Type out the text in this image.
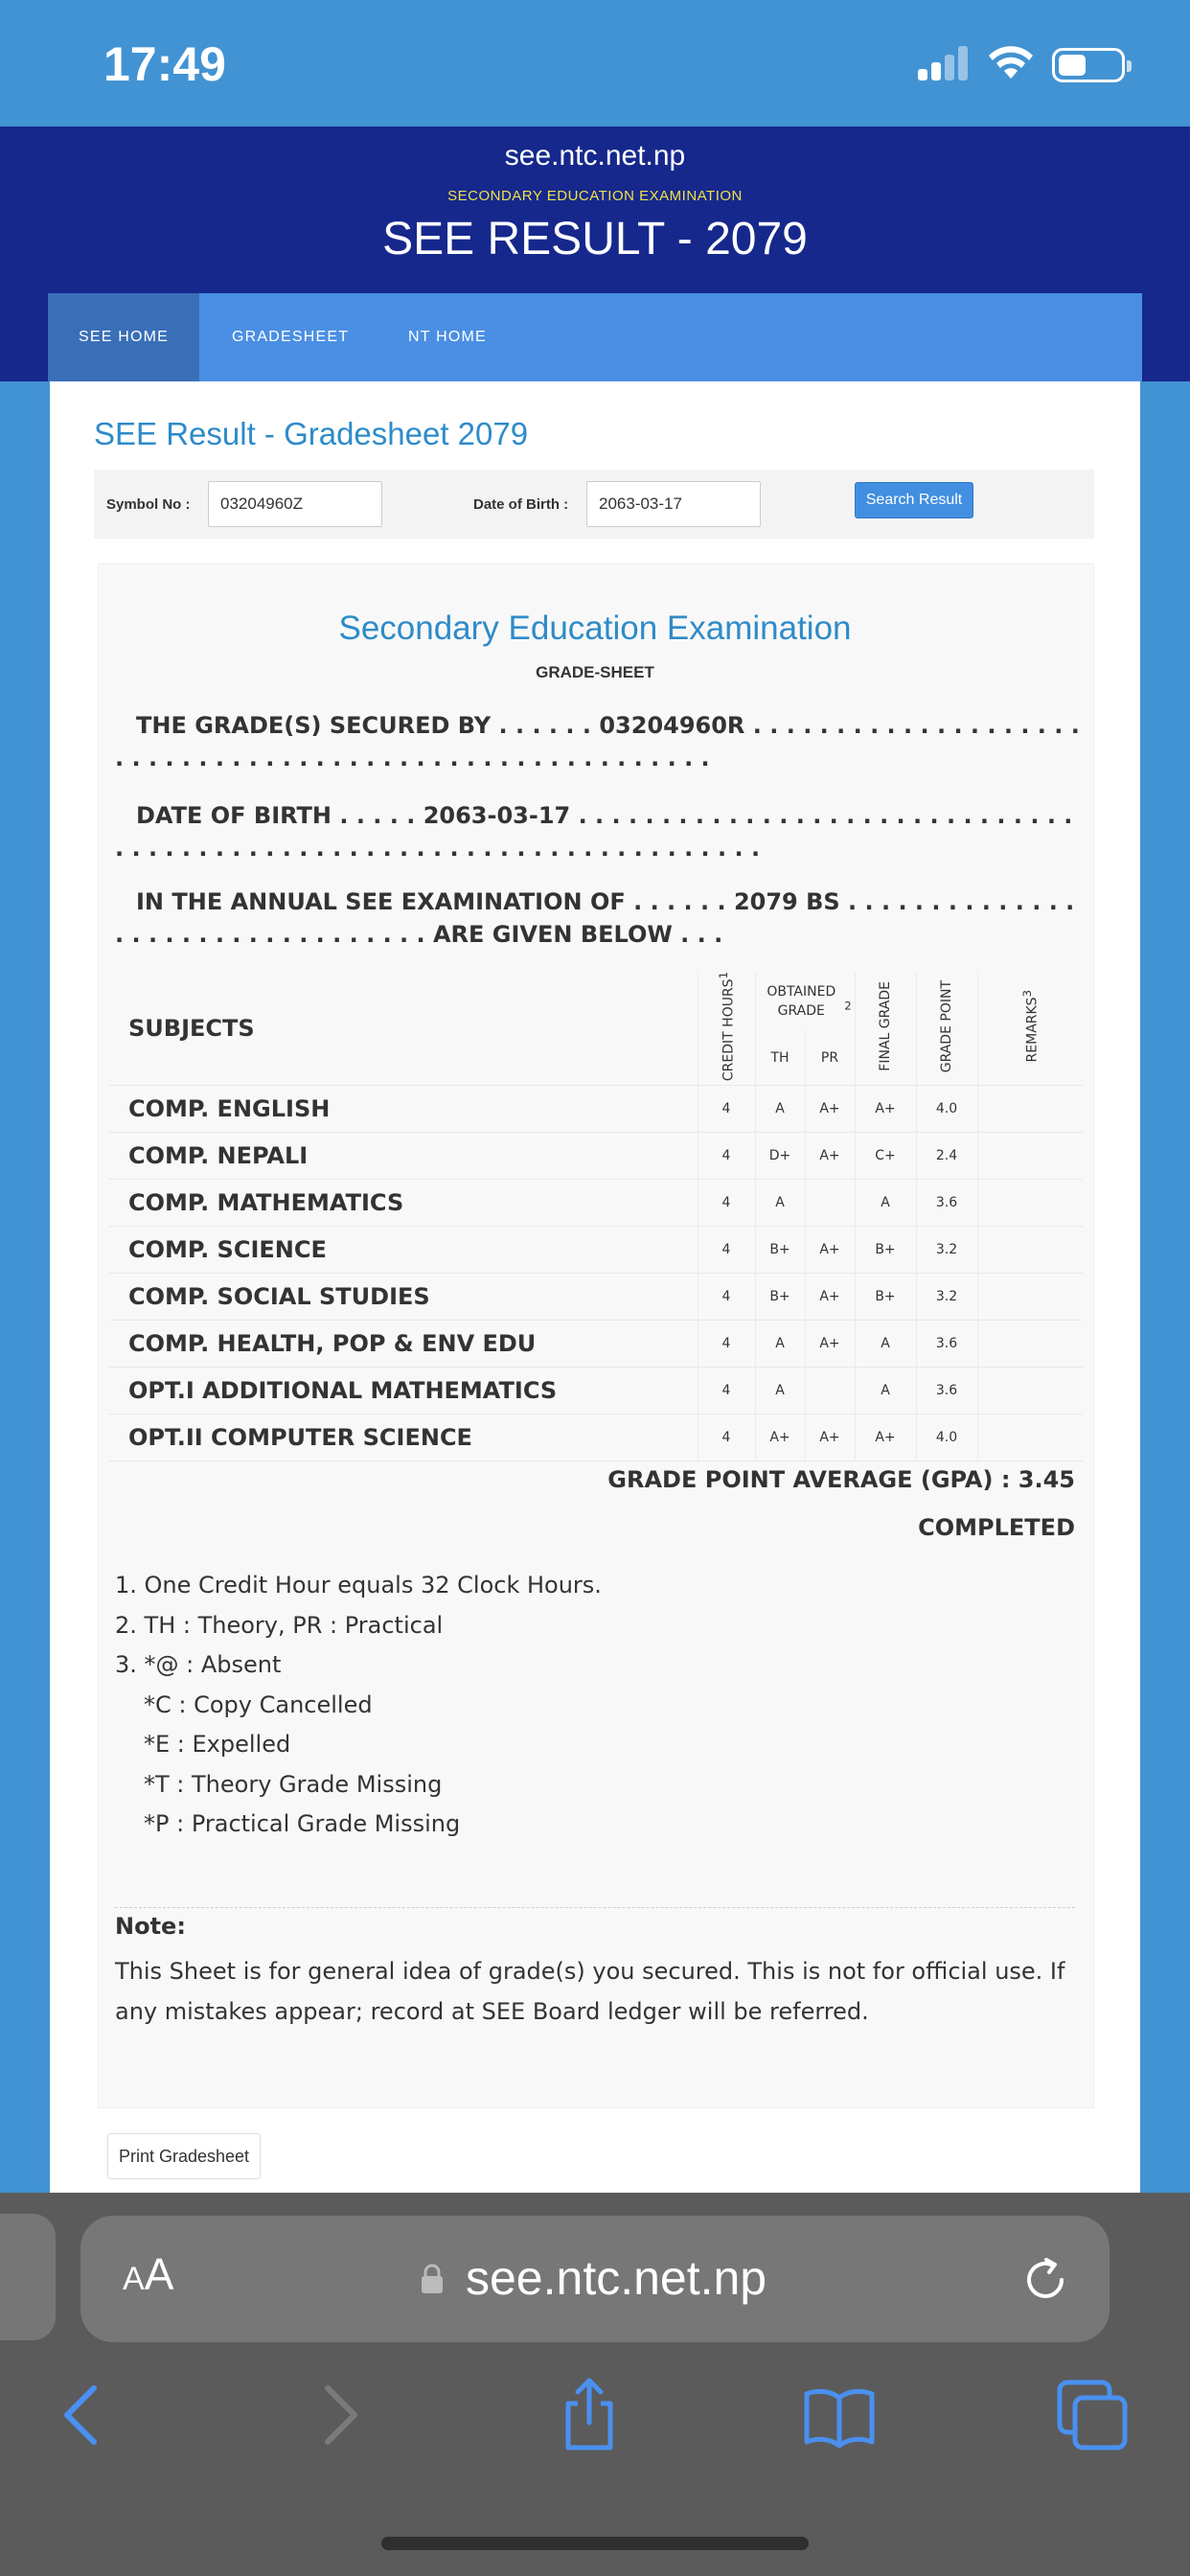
17:49
see.ntc.net.np
SECONDARY EDUCATION EXAMINATION
SEE RESULT - 2079
SEE HOME	GRADESHEET	NT HOME
SEE Result - Gradesheet 2079
Symbol No :
03204960Z	Date of Birth :
2063-03-17	Search Result
Secondary Education Examination
GRADE-SHEET
THE GRADE(S) SECURED BY . . . . . . 03204960R . . . . . . . . . . . . . . . . . . . . . . . . . . . . . . . . . . . . . . . . . . . . . . . . . . . . . . . .
DATE OF BIRTH . . . . . 2063-03-17 . . . . . . . . . . . . . . . . . . . . . . . . . . . . . . . . . . . . . . . . . . . . . . . . . . . . . . . . . . . . . . . . . . . . .
IN THE ANNUAL SEE EXAMINATION OF . . . . . . 2079 BS . . . . . . . . . . . . . . . . . . . . . . . . . . . . . . . . . ARE GIVEN BELOW . . .
SUBJECTS	CREDIT HOURS$^1$	OBTAINED GRADE $^2$		FINAL GRADE	GRADE POINT	REMARKS$^3$
		TH	PR			
COMP. ENGLISH	4	A	A+	A+	4.0	
COMP. NEPALI	4	D+	A+	C+	2.4	
COMP. MATHEMATICS	4	A		A	3.6	
COMP. SCIENCE	4	B+	A+	B+	3.2	
COMP. SOCIAL STUDIES	4	B+	A+	B+	3.2	
COMP. HEALTH, POP & ENV EDU	4	A	A+	A	3.6	
OPT.I ADDITIONAL MATHEMATICS	4	A		A	3.6	
OPT.II COMPUTER SCIENCE	4	A+	A+	A+	4.0	
GRADE POINT AVERAGE (GPA) : 3.45
COMPLETED
1. One Credit Hour equals 32 Clock Hours.
2. TH : Theory, PR : Practical
3. *@ : Absent
*C : Copy Cancelled
*E : Expelled
*T : Theory Grade Missing
*P : Practical Grade Missing
Note:
This Sheet is for general idea of grade(s) you secured. This is not for official use. If any mistakes appear; record at SEE Board ledger will be referred.
Print Gradesheet
AA	see.ntc.net.np
